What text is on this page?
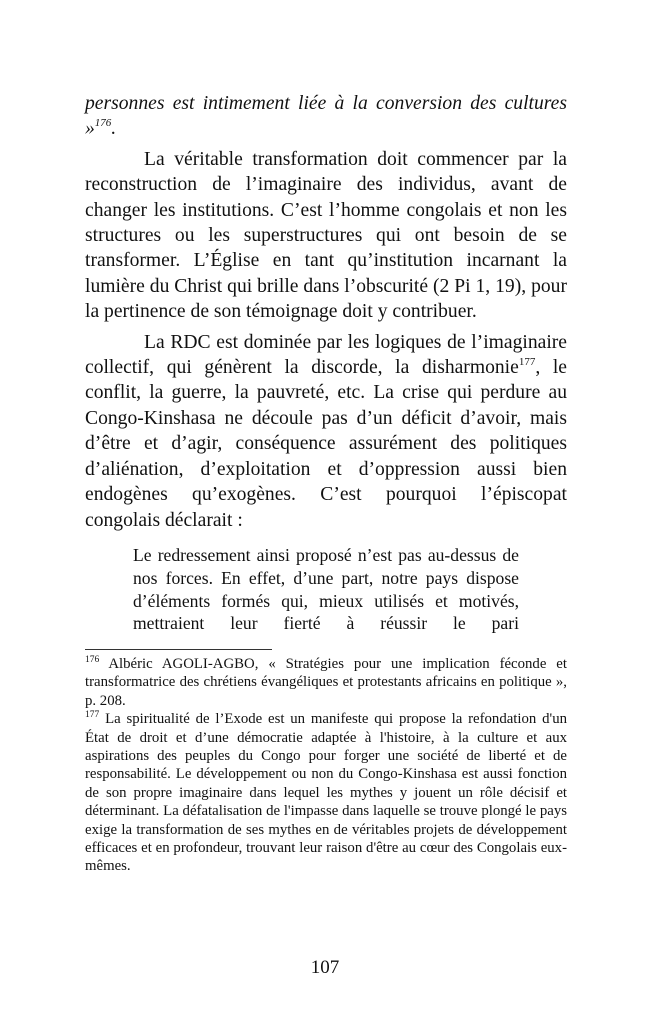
personnes est intimement liée à la conversion des cultures »$^{176}$.

La véritable transformation doit commencer par la reconstruction de l’imaginaire des individus, avant de changer les institutions. C’est l’homme congolais et non les structures ou les superstructures qui ont besoin de se transformer. L’Église en tant qu’institution incarnant la lumière du Christ qui brille dans l’obscurité (2 Pi 1, 19), pour la pertinence de son témoignage doit y contribuer.

La RDC est dominée par les logiques de l’imaginaire collectif, qui génèrent la discorde, la disharmonie$^{177}$, le conflit, la guerre, la pauvreté, etc. La crise qui perdure au Congo-Kinshasa ne découle pas d’un déficit d’avoir, mais d’être et d’agir, conséquence assurément des politiques d’aliénation, d’exploitation et d’oppression aussi bien endogènes qu’exogènes. C’est pourquoi l’épiscopat congolais déclarait :

Le redressement ainsi proposé n’est pas au-dessus de nos forces. En effet, d’une part, notre pays dispose d’éléments formés qui, mieux utilisés et motivés, mettraient leur fierté à réussir le pari

$^{176}$ Albéric AGOLI-AGBO, « Stratégies pour une implication féconde et transformatrice des chrétiens évangéliques et protestants africains en politique », p. 208.

$^{177}$ La spiritualité de l’Exode est un manifeste qui propose la refondation d'un État de droit et d’une démocratie adaptée à l'histoire, à la culture et aux aspirations des peuples du Congo pour forger une société de liberté et de responsabilité. Le développement ou non du Congo-Kinshasa est aussi fonction de son propre imaginaire dans lequel les mythes y jouent un rôle décisif et déterminant. La défatalisation de l'impasse dans laquelle se trouve plongé le pays exige la transformation de ses mythes en de véritables projets de développement efficaces et en profondeur, trouvant leur raison d'être au cœur des Congolais eux-mêmes.

107
